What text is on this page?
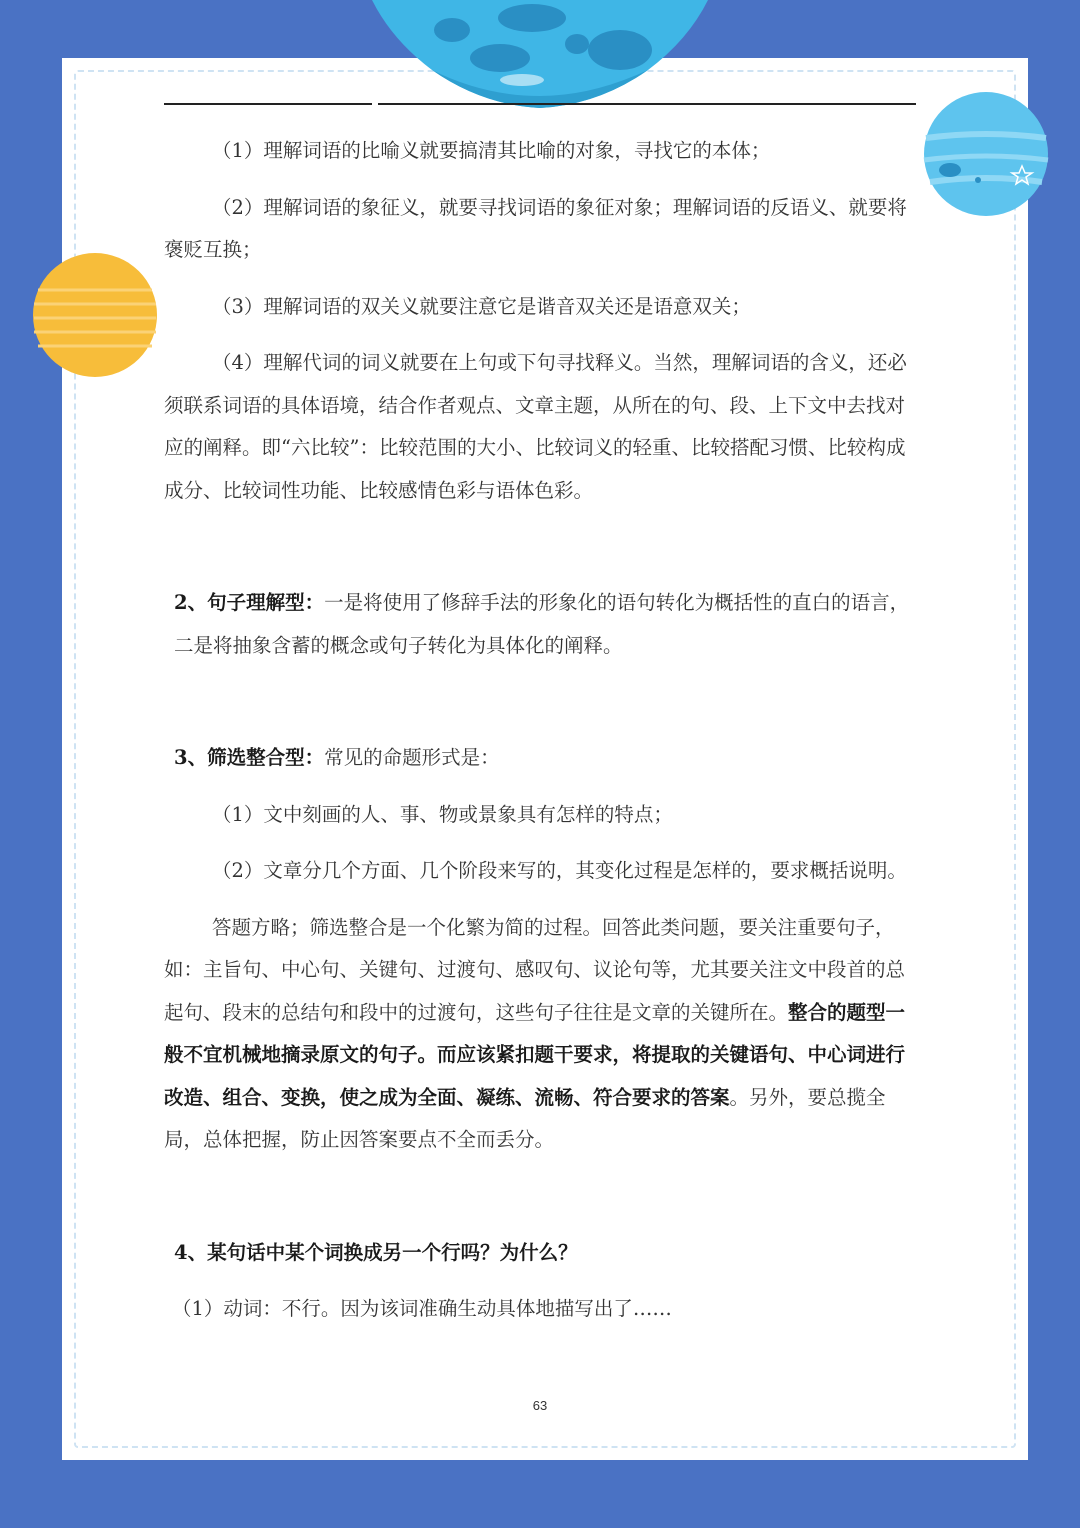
（1）理解词语的比喻义就要搞清其比喻的对象，寻找它的本体；

（2）理解词语的象征义，就要寻找词语的象征对象；理解词语的反语义、就要将褒贬互换；

（3）理解词语的双关义就要注意它是谐音双关还是语意双关；

（4）理解代词的词义就要在上句或下句寻找释义。当然，理解词语的含义，还必须联系词语的具体语境，结合作者观点、文章主题，从所在的句、段、上下文中去找对应的阐释。即“六比较”：比较范围的大小、比较词义的轻重、比较搭配习惯、比较构成成分、比较词性功能、比较感情色彩与语体色彩。

2、句子理解型：一是将使用了修辞手法的形象化的语句转化为概括性的直白的语言，二是将抽象含蓄的概念或句子转化为具体化的阐释。

3、筛选整合型：常见的命题形式是：

（1）文中刻画的人、事、物或景象具有怎样的特点；

（2）文章分几个方面、几个阶段来写的，其变化过程是怎样的，要求概括说明。

答题方略；筛选整合是一个化繁为简的过程。回答此类问题，要关注重要句子，如：主旨句、中心句、关键句、过渡句、感叹句、议论句等，尤其要关注文中段首的总起句、段末的总结句和段中的过渡句，这些句子往往是文章的关键所在。整合的题型一般不宜机械地摘录原文的句子。而应该紧扣题干要求，将提取的关键语句、中心词进行改造、组合、变换，使之成为全面、凝练、流畅、符合要求的答案。另外，要总揽全局，总体把握，防止因答案要点不全而丢分。

4、某句话中某个词换成另一个行吗？为什么？

（1）动词：不行。因为该词准确生动具体地描写出了……

63
